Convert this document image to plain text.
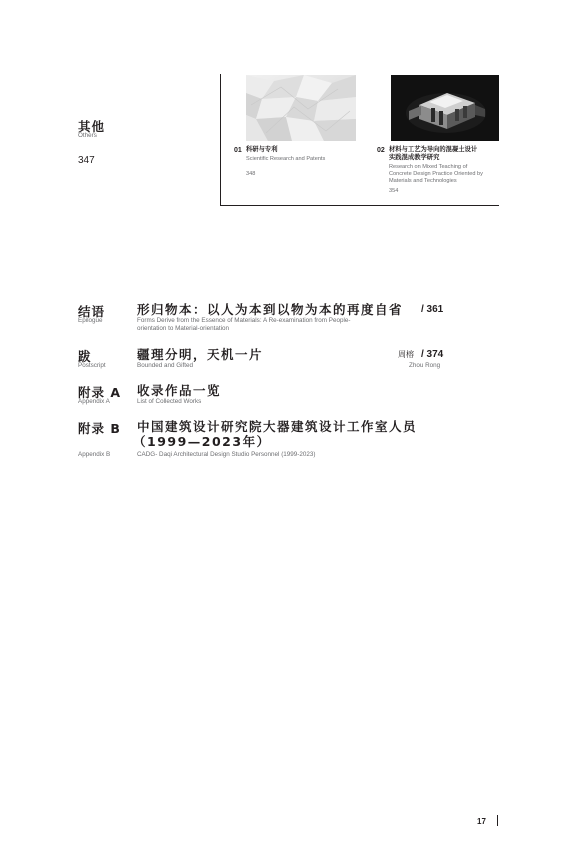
其他
Others
347
01 科研与专利
Scientific Research and Patents
348
02 材料与工艺为导向的混凝土设计
实践混成教学研究
Research on Mixed Teaching of
Concrete Design Practice Oriented by
Materials and Technologies
354
结语
Epilogue
形归物本：以人为本到以物为本的再度自省
Forms Derive from the Essence of Materials: A Re-examination from People-
orientation to Material-orientation
/ 361
跋
Postscript
疆理分明，天机一片
Bounded and Gifted
周榕
Zhou Rong
/ 374
附录 A
Appendix A
收录作品一览
List of Collected Works
附录 B
Appendix B
中国建筑设计研究院大器建筑设计工作室人员
（1999—2023年）
CADG- Daqi Architectural Design Studio Personnel (1999-2023)
17
